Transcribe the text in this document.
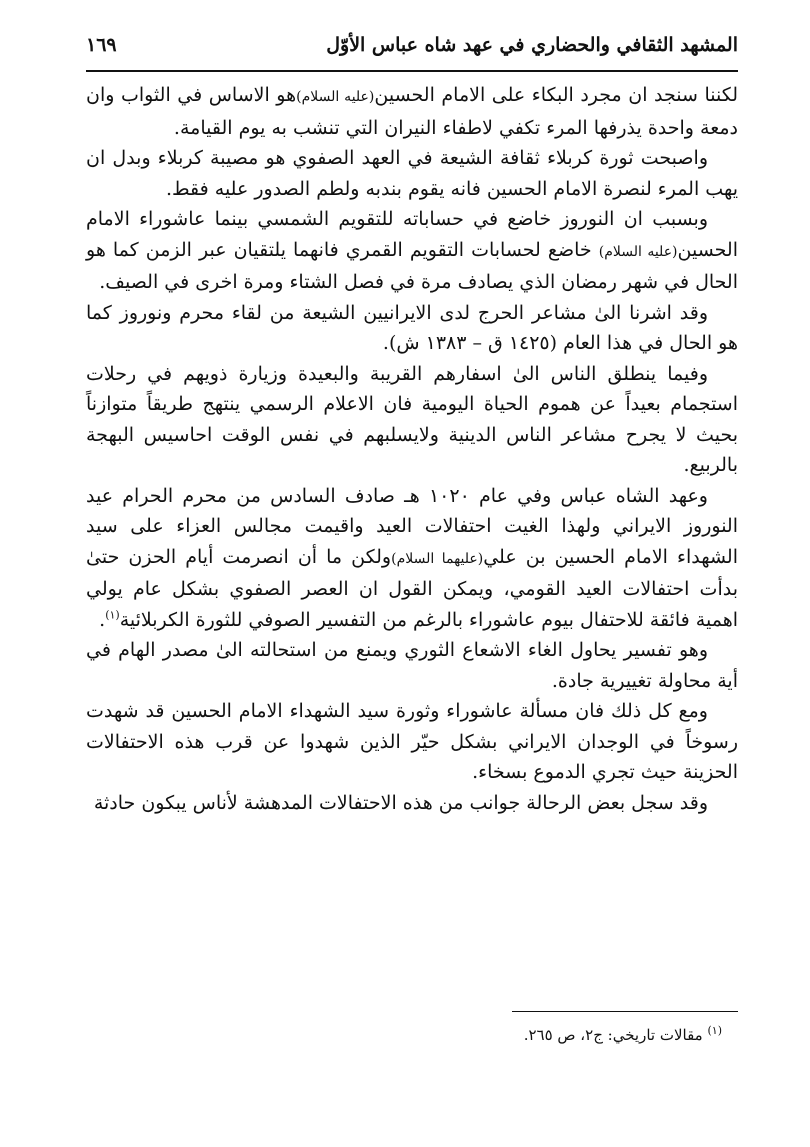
المشهد الثقافي والحضاري في عهد شاه عباس الأوّل
١٦٩

لكننا سنجد ان مجرد البكاء على الامام الحسين(عليه السلام)هو الاساس في الثواب وان دمعة واحدة يذرفها المرء تكفي لاطفاء النيران التي تنشب به يوم القيامة.

واصبحت ثورة كربلاء ثقافة الشيعة في العهد الصفوي هو مصيبة كربلاء وبدل ان يهب المرء لنصرة الامام الحسين فانه يقوم بندبه ولطم الصدور عليه فقط.

وبسبب ان النوروز خاضع في حساباته للتقويم الشمسي بينما عاشوراء الامام الحسين(عليه السلام) خاضع لحسابات التقويم القمري فانهما يلتقيان عبر الزمن كما هو الحال في شهر رمضان الذي يصادف مرة في فصل الشتاء ومرة اخرى في الصيف.

وقد اشرنا الىٰ مشاعر الحرج لدى الايرانيين الشيعة من لقاء محرم ونوروز كما هو الحال في هذا العام (١٤٢٥ ق – ١٣٨٣ ش).

وفيما ينطلق الناس الىٰ اسفارهم القريبة والبعيدة وزيارة ذويهم في رحلات استجمام بعيداً عن هموم الحياة اليومية فان الاعلام الرسمي ينتهج طريقاً متوازناً بحيث لا يجرح مشاعر الناس الدينية ولايسلبهم في نفس الوقت احاسيس البهجة بالربيع.

وعهد الشاه عباس وفي عام ١٠٢٠ هـ صادف السادس من محرم الحرام عيد النوروز الايراني ولهذا الغيت احتفالات العيد واقيمت مجالس العزاء على سيد الشهداء الامام الحسين بن علي(عليهما السلام)ولكن ما أن انصرمت أيام الحزن حتىٰ بدأت احتفالات العيد القومي، ويمكن القول ان العصر الصفوي بشكل عام يولي اهمية فائقة للاحتفال بيوم عاشوراء بالرغم من التفسير الصوفي للثورة الكربلائية$^{(١)}$.

وهو تفسير يحاول الغاء الاشعاع الثوري ويمنع من استحالته الىٰ مصدر الهام في أية محاولة تغييرية جادة.

ومع كل ذلك فان مسألة عاشوراء وثورة سيد الشهداء الامام الحسين قد شهدت رسوخاً في الوجدان الايراني بشكل حيّر الذين شهدوا عن قرب هذه الاحتفالات الحزينة حيث تجري الدموع بسخاء.

وقد سجل بعض الرحالة جوانب من هذه الاحتفالات المدهشة لأناس يبكون حادثة

$^{(١)}$ مقالات تاريخي: ج٢، ص ٢٦٥.
